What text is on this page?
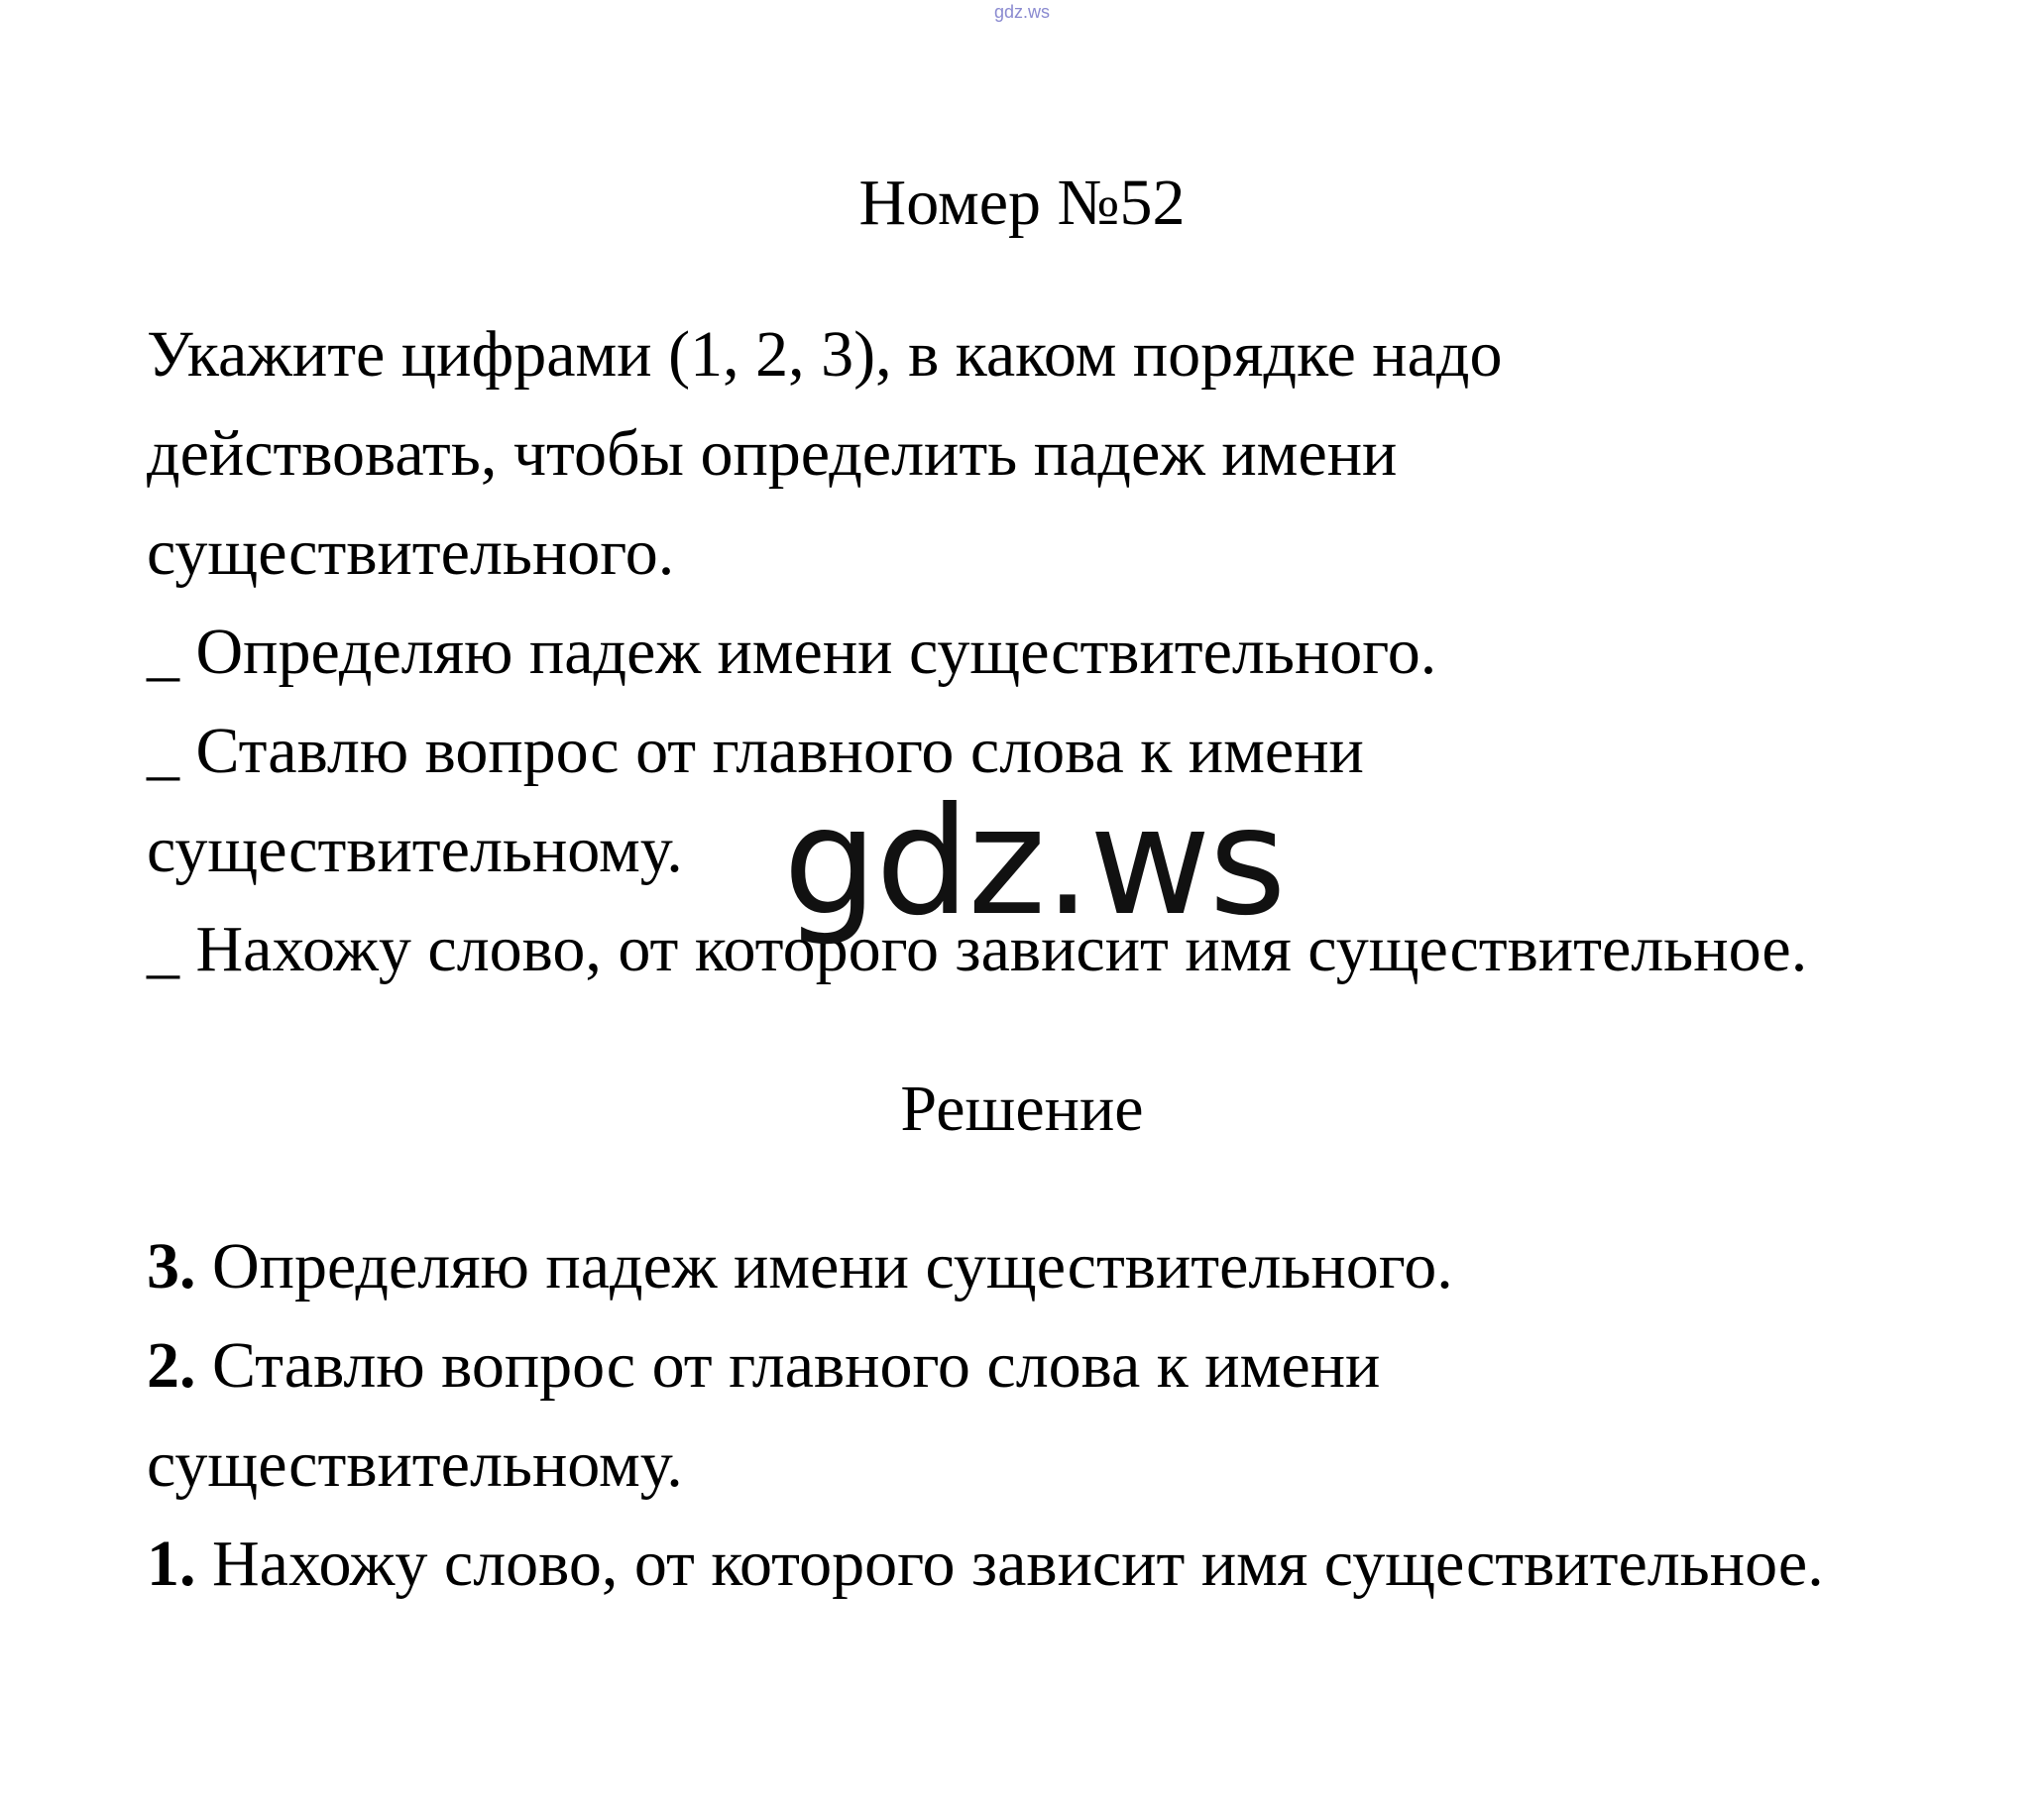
gdz.ws
Номер №52
Укажите цифрами (1, 2, 3), в каком порядке надо
действовать, чтобы определить падеж имени
существительного.
_ Определяю падеж имени существительного.
_ Ставлю вопрос от главного слова к имени
существительному.
_ Нахожу слово, от которого зависит имя существительное.
gdz.ws
Решение
3. Определяю падеж имени существительного.
2. Ставлю вопрос от главного слова к имени
существительному.
1. Нахожу слово, от которого зависит имя существительное.
